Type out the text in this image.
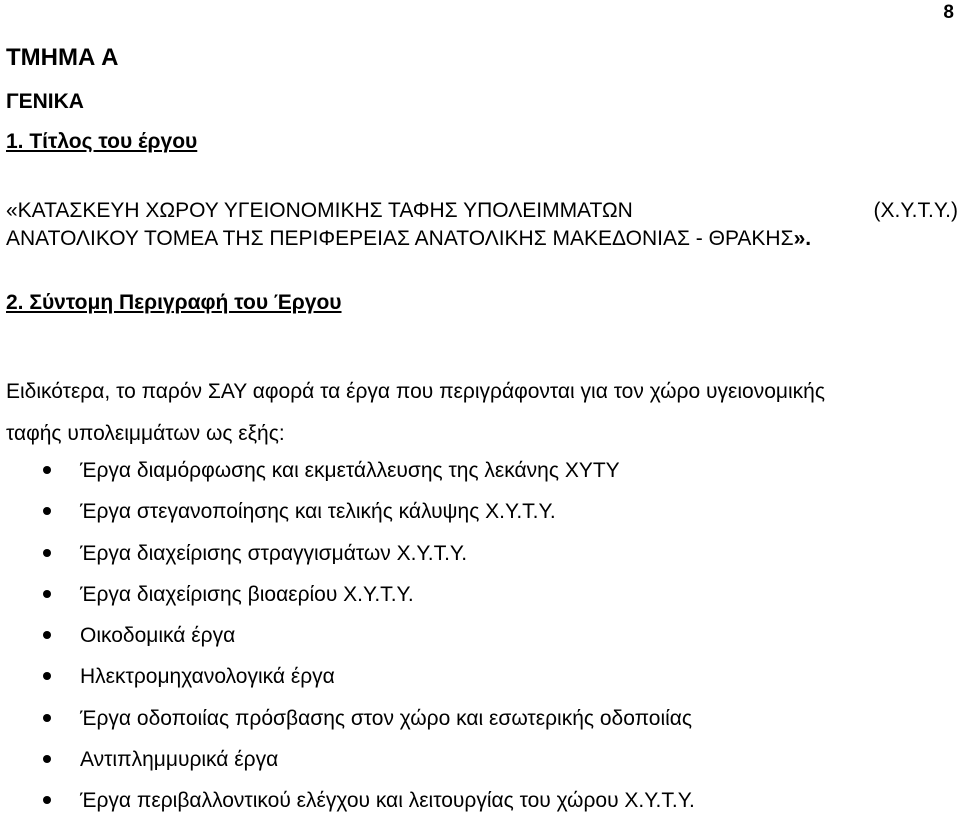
8
ΤΜΗΜΑ Α
ΓΕΝΙΚΑ
1. Τίτλος του έργου
«ΚΑΤΑΣΚΕΥΗ ΧΩΡΟΥ ΥΓΕΙΟΝΟΜΙΚΗΣ ΤΑΦΗΣ ΥΠΟΛΕΙΜΜΑΤΩΝ	(Χ.Υ.Τ.Υ.)
ΑΝΑΤΟΛΙΚΟΥ ΤΟΜΕΑ ΤΗΣ ΠΕΡΙΦΕΡΕΙΑΣ ΑΝΑΤΟΛΙΚΗΣ ΜΑΚΕΔΟΝΙΑΣ - ΘΡΑΚΗΣ».
2. Σύντομη Περιγραφή του Έργου
Ειδικότερα, το παρόν ΣΑΥ αφορά τα έργα που περιγράφονται για τον χώρο υγειονομικής
ταφής υπολειμμάτων ως εξής:
Έργα διαμόρφωσης και εκμετάλλευσης της λεκάνης ΧΥΤΥ
Έργα στεγανοποίησης και τελικής κάλυψης Χ.Υ.Τ.Υ.
Έργα διαχείρισης στραγγισμάτων Χ.Υ.Τ.Υ.
Έργα διαχείρισης βιοαερίου Χ.Υ.Τ.Υ.
Οικοδομικά έργα
Ηλεκτρομηχανολογικά έργα
Έργα οδοποιίας πρόσβασης στον χώρο και εσωτερικής οδοποιίας
Αντιπλημμυρικά έργα
Έργα περιβαλλοντικού ελέγχου και λειτουργίας του χώρου Χ.Υ.Τ.Υ.
